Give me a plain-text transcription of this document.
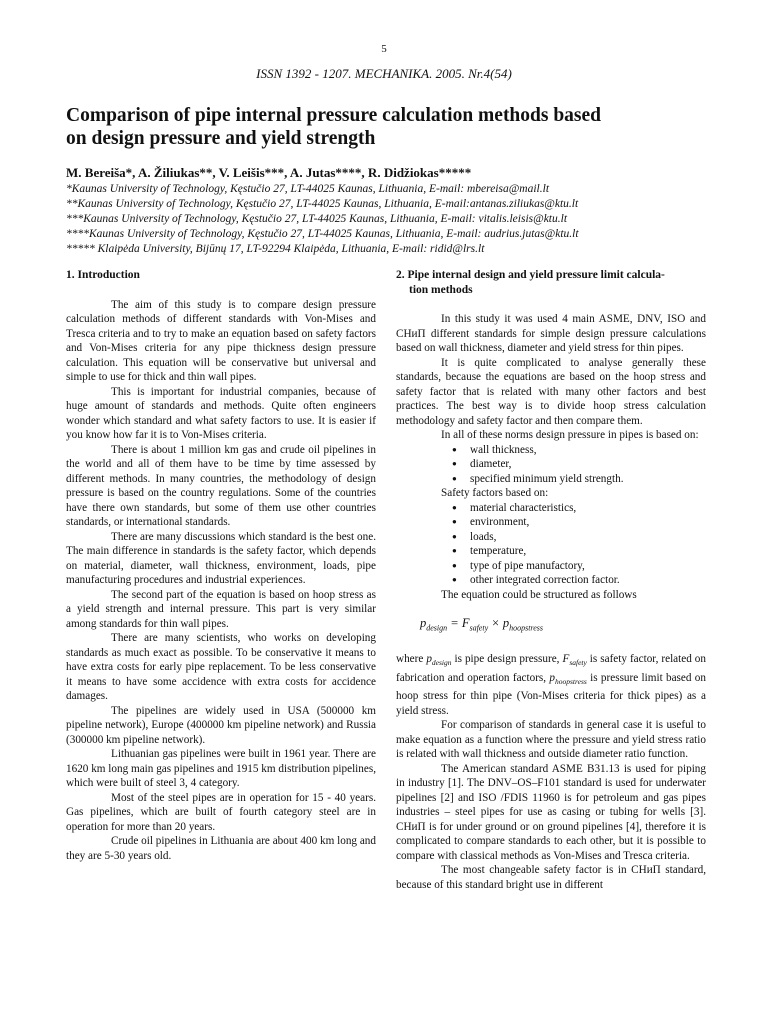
5
ISSN 1392 - 1207. MECHANIKA. 2005. Nr.4(54)
Comparison of pipe internal pressure calculation methods based
on design pressure and yield strength
M. Bereiša*, A. Žiliukas**, V. Leišis***, A. Jutas****, R. Didžiokas*****
*Kaunas University of Technology, Kęstučio 27, LT-44025 Kaunas, Lithuania, E-mail: mbereisa@mail.lt
**Kaunas University of Technology, Kęstučio 27, LT-44025 Kaunas, Lithuania, E-mail:antanas.ziliukas@ktu.lt
***Kaunas University of Technology, Kęstučio 27, LT-44025 Kaunas, Lithuania, E-mail: vitalis.leisis@ktu.lt
****Kaunas University of Technology, Kęstučio 27, LT-44025 Kaunas, Lithuania, E-mail: audrius.jutas@ktu.lt
***** Klaipėda University, Bijūnų 17, LT-92294 Klaipėda, Lithuania, E-mail: ridid@lrs.lt
1. Introduction

The aim of this study is to compare design pressure calculation methods of different standards with Von-Mises and Tresca criteria and to try to make an equation based on safety factors and Von-Mises criteria for any pipe thickness design pressure calculation. This equation will be conservative but universal and simple to use for thick and thin wall pipes.

This is important for industrial companies, because of huge amount of standards and methods. Quite often engineers wonder which standard and what safety factors to use. It is easier if you know how far it is to Von-Mises criteria.

There is about 1 million km gas and crude oil pipelines in the world and all of them have to be time by time assessed by different methods. In many countries, the methodology of design pressure is based on the country regulations. Some of the countries have there own standards, but some of them use other countries standards, or international standards.

There are many discussions which standard is the best one. The main difference in standards is the safety factor, which depends on material, diameter, wall thickness, environment, loads, pipe manufacturing procedures and industrial experiences.

The second part of the equation is based on hoop stress as a yield strength and internal pressure. This part is very similar among standards for thin wall pipes.

There are many scientists, who works on developing standards as much exact as possible. To be conservative it means to have extra costs for early pipe replacement. To be less conservative it means to have some accidence with extra costs for accidence damages.

The pipelines are widely used in USA (500000 km pipeline network), Europe (400000 km pipeline network) and Russia (300000 km pipeline network).

Lithuanian gas pipelines were built in 1961 year. There are 1620 km long main gas pipelines and 1915 km distribution pipelines, which were built of steel 3, 4 category.

Most of the steel pipes are in operation for 15 - 40 years. Gas pipelines, which are built of fourth category steel are in operation for more than 20 years.

Crude oil pipelines in Lithuania are about 400 km long and they are 5-30 years old.

2. Pipe internal design and yield pressure limit calcula-
tion methods

In this study it was used 4 main ASME, DNV, ISO and СНиП different standards for simple design pressure calculations based on wall thickness, diameter and yield stress for thin pipes.

It is quite complicated to analyse generally these standards, because the equations are based on the hoop stress and safety factor that is related with many other factors and best practices. The best way is to divide hoop stress calculation methodology and safety factor and then compare them.

In all of these norms design pressure in pipes is based on:

● wall thickness,
● diameter,
● specified minimum yield strength.

Safety factors based on:

● material characteristics,
● environment,
● loads,
● temperature,
● type of pipe manufactory,
● other integrated correction factor.

The equation could be structured as follows

$p_{design} = F_{safety} \times p_{hoopstress}$

where $p_{design}$ is pipe design pressure, $F_{safety}$ is safety factor, related on fabrication and operation factors, $p_{hoopstress}$ is pressure limit based on hoop stress for thin pipe (Von-Mises criteria for thick pipes) as a yield stress.

For comparison of standards in general case it is useful to make equation as a function where the pressure and yield stress ratio is related with wall thickness and outside diameter ratio function.

The American standard ASME B31.13 is used for piping in industry [1]. The DNV–OS–F101 standard is used for underwater pipelines [2] and ISO /FDIS 11960 is for petroleum and gas pipes industries – steel pipes for use as casing or tubing for wells [3]. СНиП is for under ground or on ground pipelines [4], therefore it is complicated to compare standards to each other, but it is possible to compare with classical methods as Von-Mises and Tresca criteria.

The most changeable safety factor is in СНиП standard, because of this standard bright use in different
